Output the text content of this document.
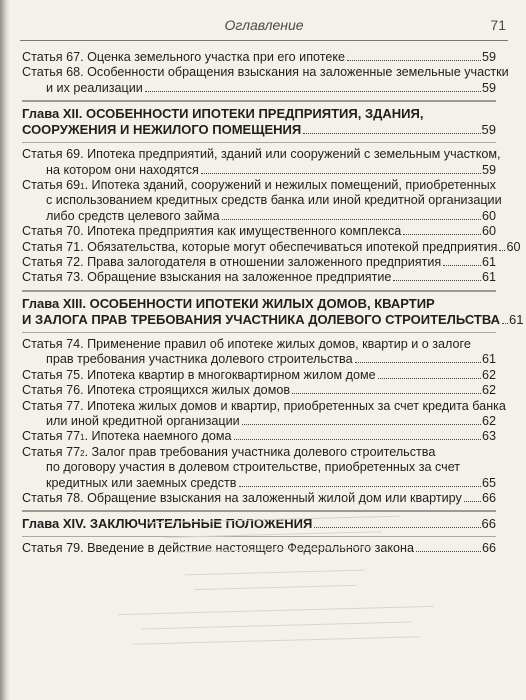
Оглавление	71
Статья 67. Оценка земельного участка при его ипотеке	59
Статья 68. Особенности обращения взыскания на заложенные земельные участки
и их реализации	59
Глава XII. ОСОБЕННОСТИ ИПОТЕКИ ПРЕДПРИЯТИЯ, ЗДАНИЯ,
СООРУЖЕНИЯ И НЕЖИЛОГО ПОМЕЩЕНИЯ	59
Статья 69. Ипотека предприятий, зданий или сооружений с земельным участком,
на котором они находятся	59
Статья 69 1 . Ипотека зданий, сооружений и нежилых помещений, приобретенных
с использованием кредитных средств банка или иной кредитной организации
либо средств целевого займа	60
Статья 70. Ипотека предприятия как имущественного комплекса	60
Статья 71. Обязательства, которые могут обеспечиваться ипотекой предприятия 60
Статья 72. Права залогодателя в отношении заложенного предприятия	61
Статья 73. Обращение взыскания на заложенное предприятие	61
Глава XIII. ОСОБЕННОСТИ ИПОТЕКИ ЖИЛЫХ ДОМОВ, КВАРТИР
И ЗАЛОГА ПРАВ ТРЕБОВАНИЯ УЧАСТНИКА ДОЛЕВОГО СТРОИТЕЛЬСТВА 61
Статья 74. Применение правил об ипотеке жилых домов, квартир и о залоге
прав требования участника долевого строительства	61
Статья 75. Ипотека квартир в многоквартирном жилом доме	62
Статья 76. Ипотека строящихся жилых домов	62
Статья 77. Ипотека жилых домов и квартир, приобретенных за счет кредита банка
или иной кредитной организации	62
Статья 77 1 . Ипотека наемного дома	63
Статья 77 2 . Залог прав требования участника долевого строительства
по договору участия в долевом строительстве, приобретенных за счет
кредитных или заемных средств	65
Статья 78. Обращение взыскания на заложенный жилой дом или квартиру 66
Глава XIV. ЗАКЛЮЧИТЕЛЬНЫЕ ПОЛОЖЕНИЯ	66
Статья 79. Введение в действие настоящего Федерального закона	66
